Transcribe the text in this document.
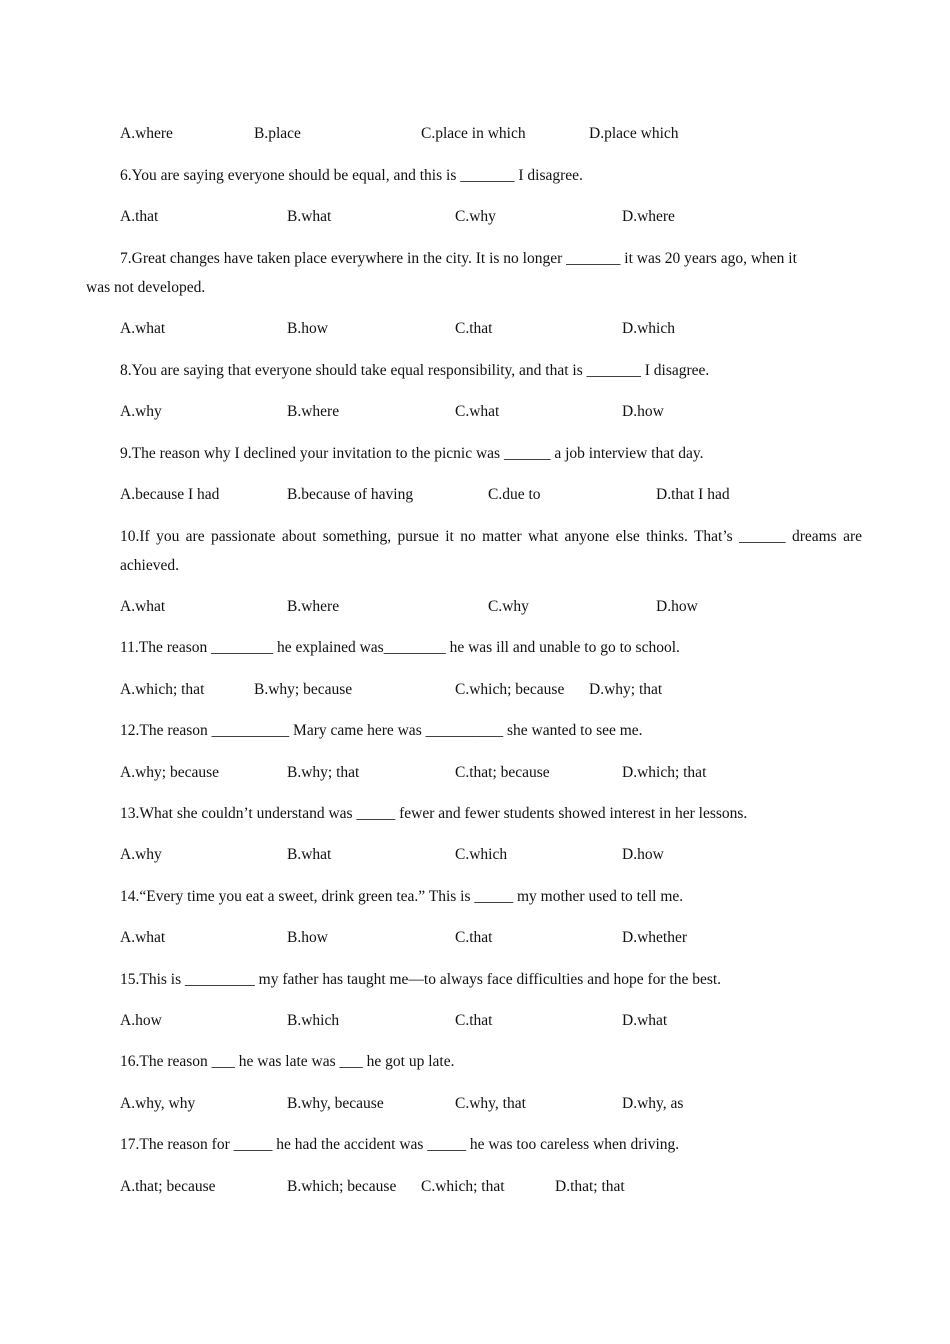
A.where	B.place	C.place in which	D.place which
6.You are saying everyone should be equal, and this is _______ I disagree.
A.that	B.what	C.why	D.where
7.Great changes have taken place everywhere in the city. It is no longer _______ it was 20 years ago, when it
was not developed.
A.what	B.how	C.that	D.which
8.You are saying that everyone should take equal responsibility, and that is _______ I disagree.
A.why	B.where	C.what	D.how
9.The reason why I declined your invitation to the picnic was ______ a job interview that day.
A.because I had	B.because of having	C.due to	D.that I had
10.If you are passionate about something, pursue it no matter what anyone else thinks. That’s ______ dreams are achieved.
A.what	B.where	C.why	D.how
11.The reason ________ he explained was________ he was ill and unable to go to school.
A.which; that	B.why; because	C.which; because D.why; that
12.The reason __________ Mary came here was __________ she wanted to see me.
A.why; because	B.why; that	C.that; because	D.which; that
13.What she couldn’t understand was _____ fewer and fewer students showed interest in her lessons.
A.why	B.what	C.which	D.how
14.“Every time you eat a sweet, drink green tea.” This is _____ my mother used to tell me.
A.what	B.how	C.that	D.whether
15.This is _________ my father has taught me—to always face difficulties and hope for the best.
A.how	B.which	C.that	D.what
16.The reason ___ he was late was ___ he got up late.
A.why, why	B.why, because	C.why, that	D.why, as
17.The reason for _____ he had the accident was _____ he was too careless when driving.
A.that; because	B.which; because C.which; that	D.that; that
